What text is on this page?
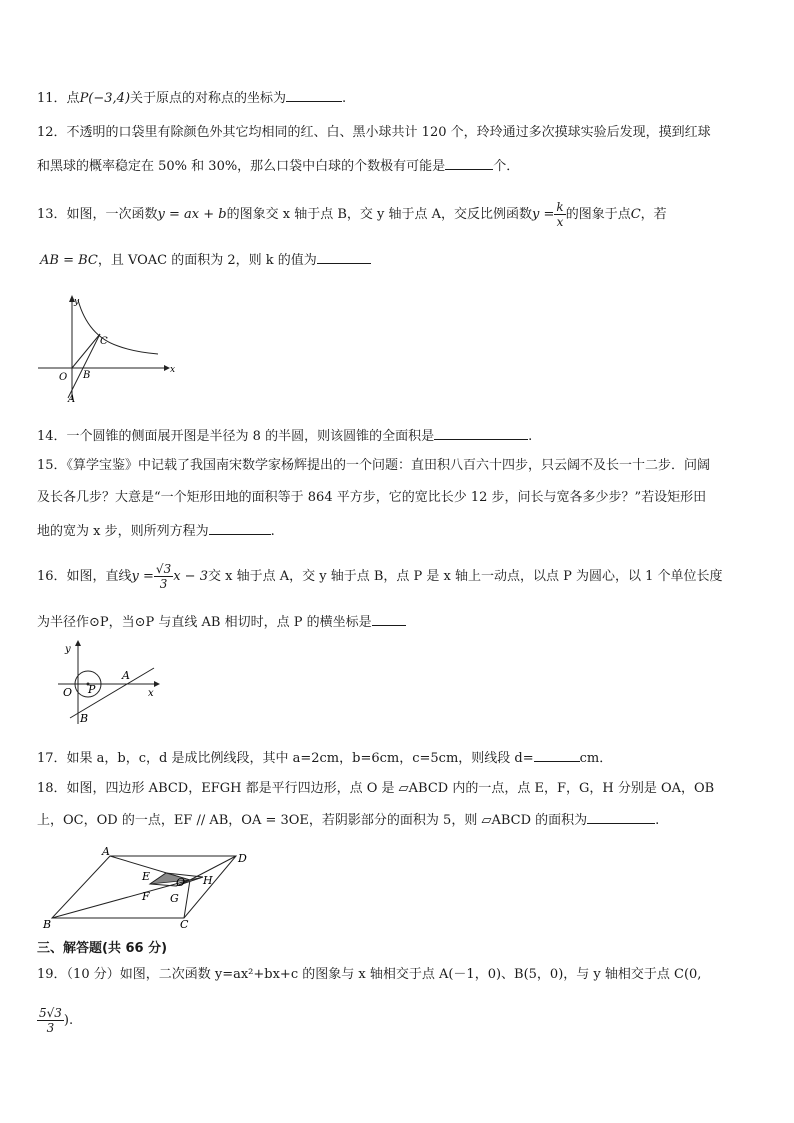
11．点P(−3,4)关于原点的对称点的坐标为	.
12．不透明的口袋里有除颜色外其它均相同的红、白、黑小球共计 120 个，玲玲通过多次摸球实验后发现，摸到红球
和黑球的概率稳定在 50% 和 30%，那么口袋中白球的个数极有可能是	个．
13．如图，一次函数y = ax + b的图象交 x 轴于点 B，交 y 轴于点 A，交反比例函数$y = \frac{k}{x}$ 的图象于点C，若
AB = BC，且 VOAC 的面积为 2，则 k 的值为
x
y
O B
A
C
14．一个圆锥的侧面展开图是半径为 8 的半圆，则该圆锥的全面积是	.
15．《算学宝鉴》中记载了我国南宋数学家杨辉提出的一个问题：直田积八百六十四步，只云阔不及长一十二步．问阔
及长各几步？大意是“一个矩形田地的面积等于 864 平方步，它的宽比长少 12 步，问长与宽各多少步？”若设矩形田
地的宽为 x 步，则所列方程为	.
16．如图，直线$y = \frac{√3}{3}$ x − 3交 x 轴于点 A，交 y 轴于点 B，点 P 是 x 轴上一动点，以点 P 为圆心，以 1 个单位长度
为半径作⊙P，当⊙P 与直线 AB 相切时，点 P 的横坐标是
y
x
O P
A
B
17．如果 a，b，c，d 是成比例线段，其中 a=2cm，b=6cm，c=5cm，则线段 d=	cm．
18．如图，四边形 ABCD，EFGH 都是平行四边形，点 O 是 ▱ABCD 内的一点，点 E，F，G，H 分别是 OA，OB
上，OC，OD 的一点，EF // AB，OA = 3OE，若阴影部分的面积为 5，则 ▱ABCD 的面积为	.
A
D
B	C
E
F G
H
O
三、解答题(共 66 分)
19．（10 分）如图，二次函数 y=ax²+bx+c 的图象与 x 轴相交于点 A(－1，0)、B(5，0)，与 y 轴相交于点 C(0,
$\frac{5√3}{3}$ ).
